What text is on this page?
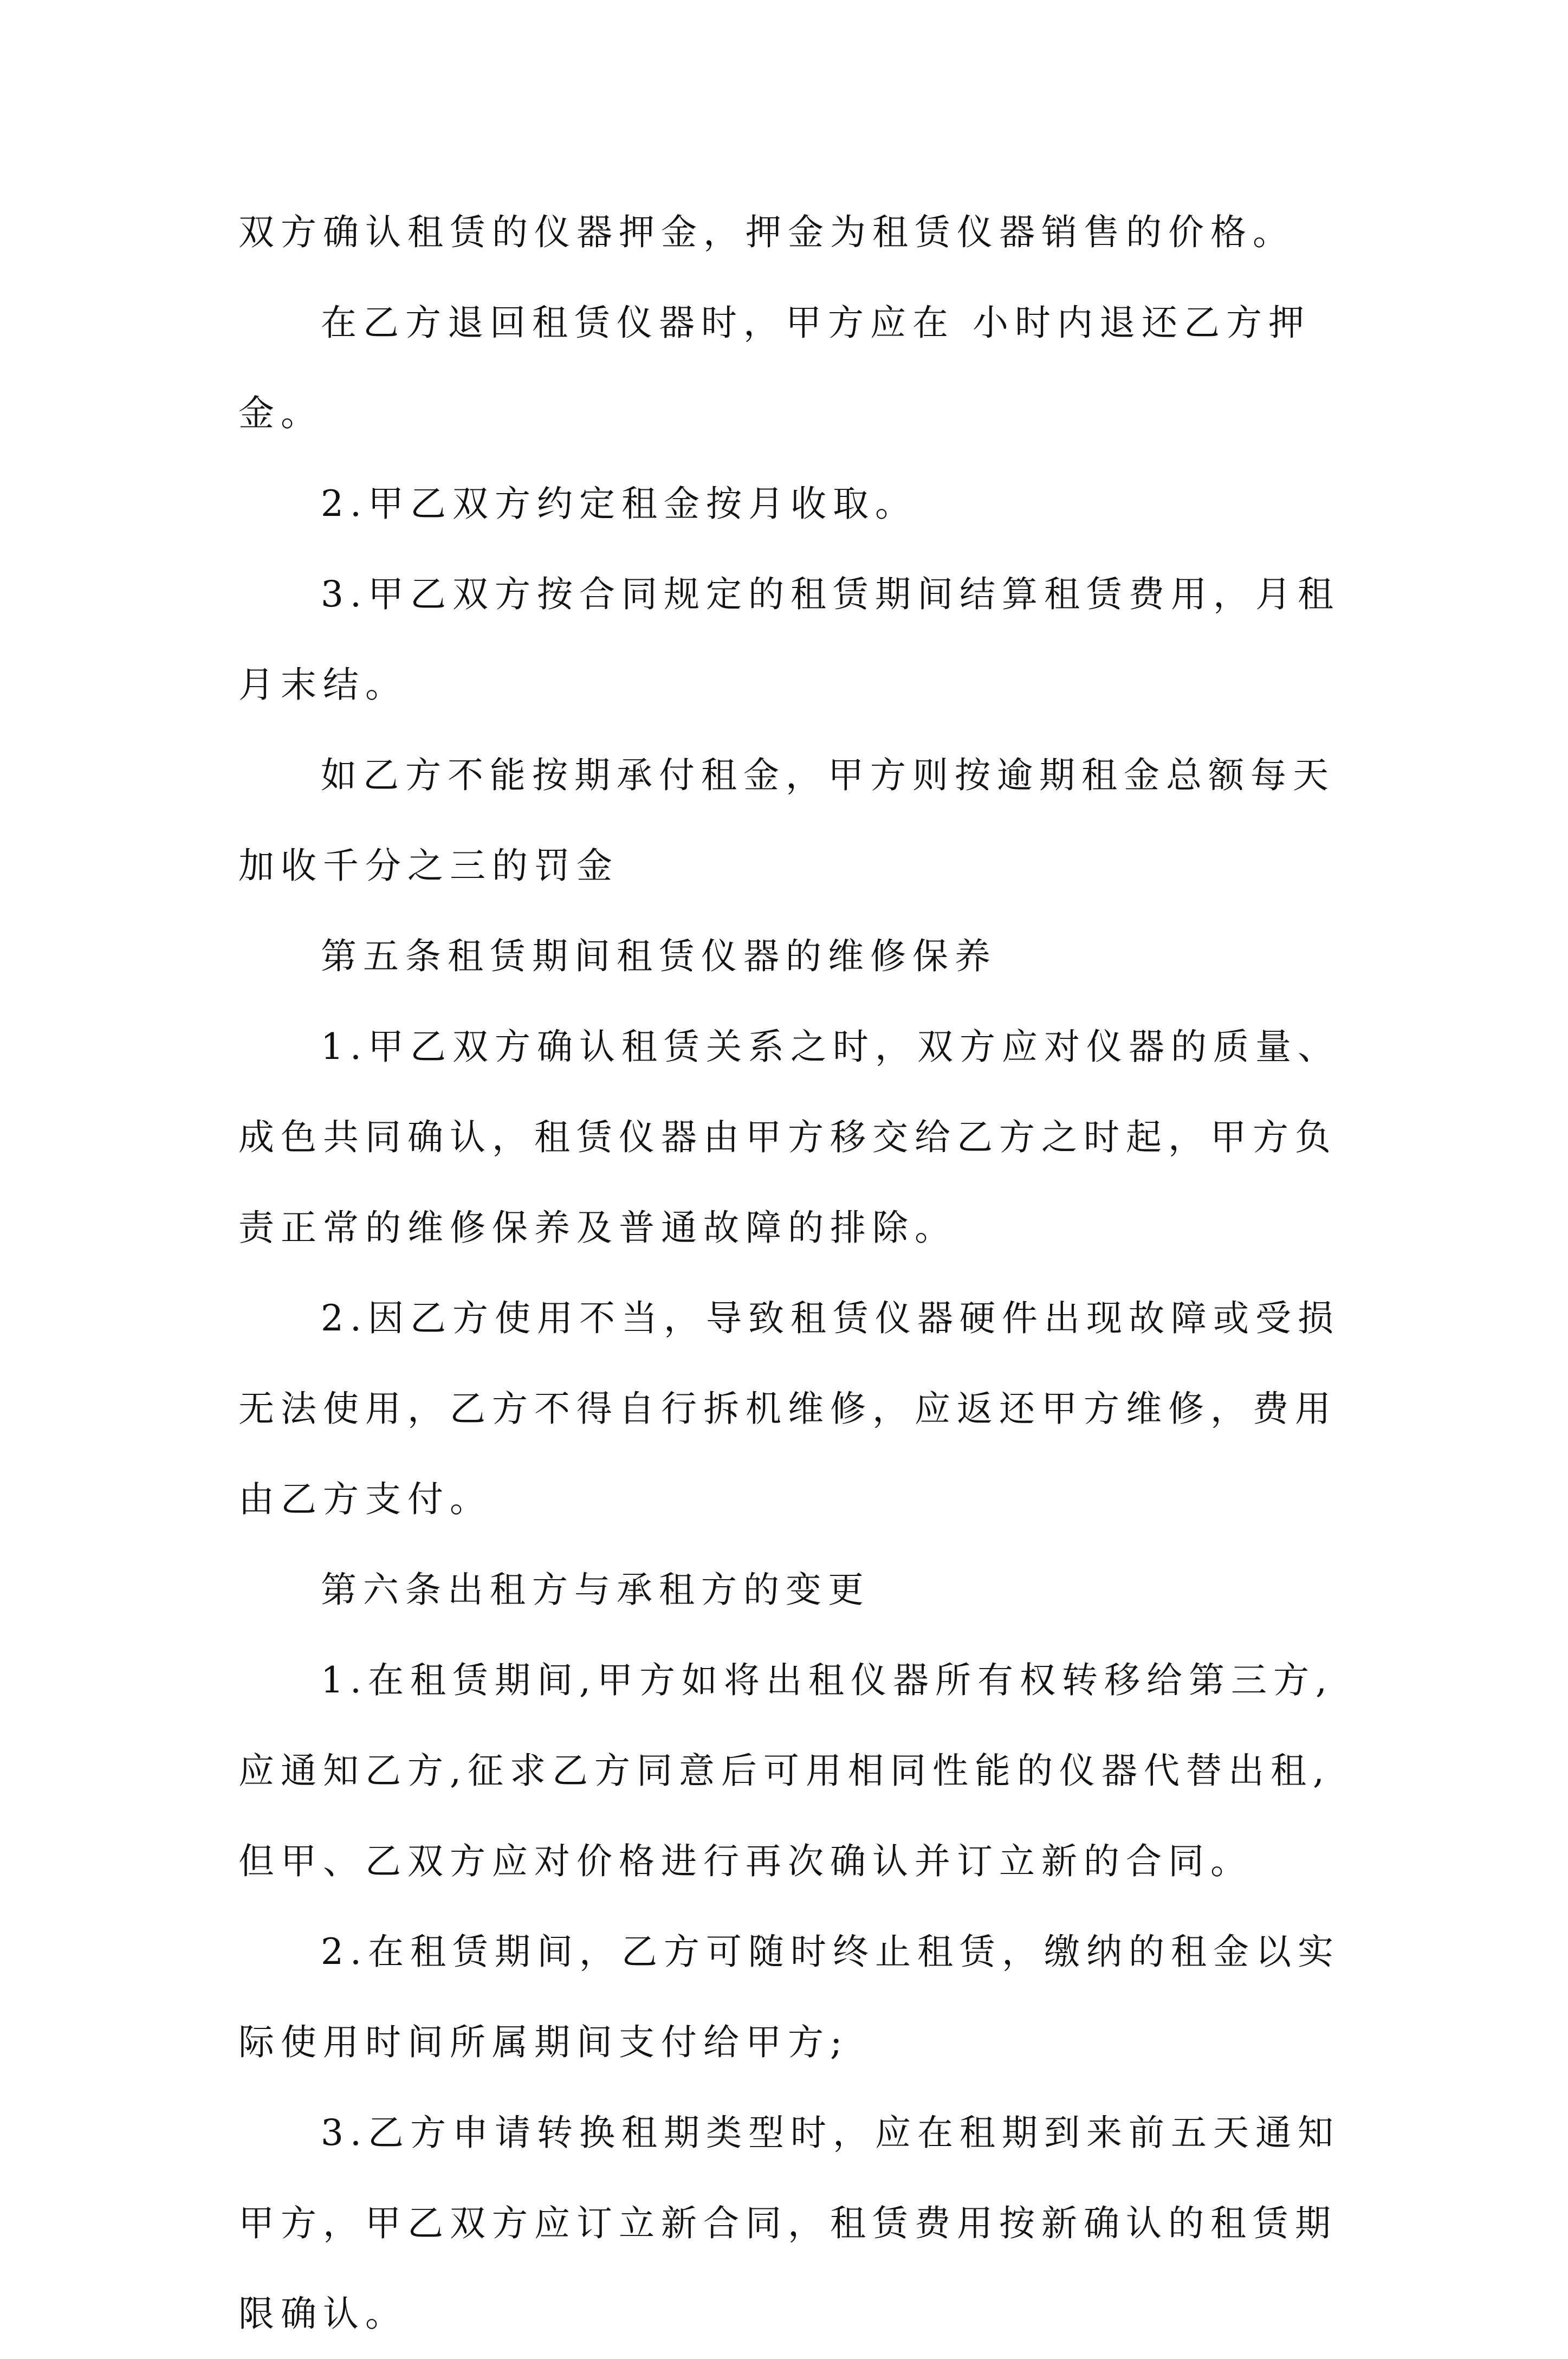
双方确认租赁的仪器押金，押金为租赁仪器销售的价格。

在乙方退回租赁仪器时，甲方应在 小时内退还乙方押
金。

2.甲乙双方约定租金按月收取。

3.甲乙双方按合同规定的租赁期间结算租赁费用，月租
月末结。

如乙方不能按期承付租金，甲方则按逾期租金总额每天
加收千分之三的罚金

第五条租赁期间租赁仪器的维修保养

1.甲乙双方确认租赁关系之时，双方应对仪器的质量、
成色共同确认，租赁仪器由甲方移交给乙方之时起，甲方负
责正常的维修保养及普通故障的排除。

2.因乙方使用不当，导致租赁仪器硬件出现故障或受损
无法使用，乙方不得自行拆机维修，应返还甲方维修，费用
由乙方支付。

第六条出租方与承租方的变更

1.在租赁期间,甲方如将出租仪器所有权转移给第三方,
应通知乙方,征求乙方同意后可用相同性能的仪器代替出租,
但甲、乙双方应对价格进行再次确认并订立新的合同。

2.在租赁期间，乙方可随时终止租赁，缴纳的租金以实
际使用时间所属期间支付给甲方;

3.乙方申请转换租期类型时，应在租期到来前五天通知
甲方，甲乙双方应订立新合同，租赁费用按新确认的租赁期
限确认。
